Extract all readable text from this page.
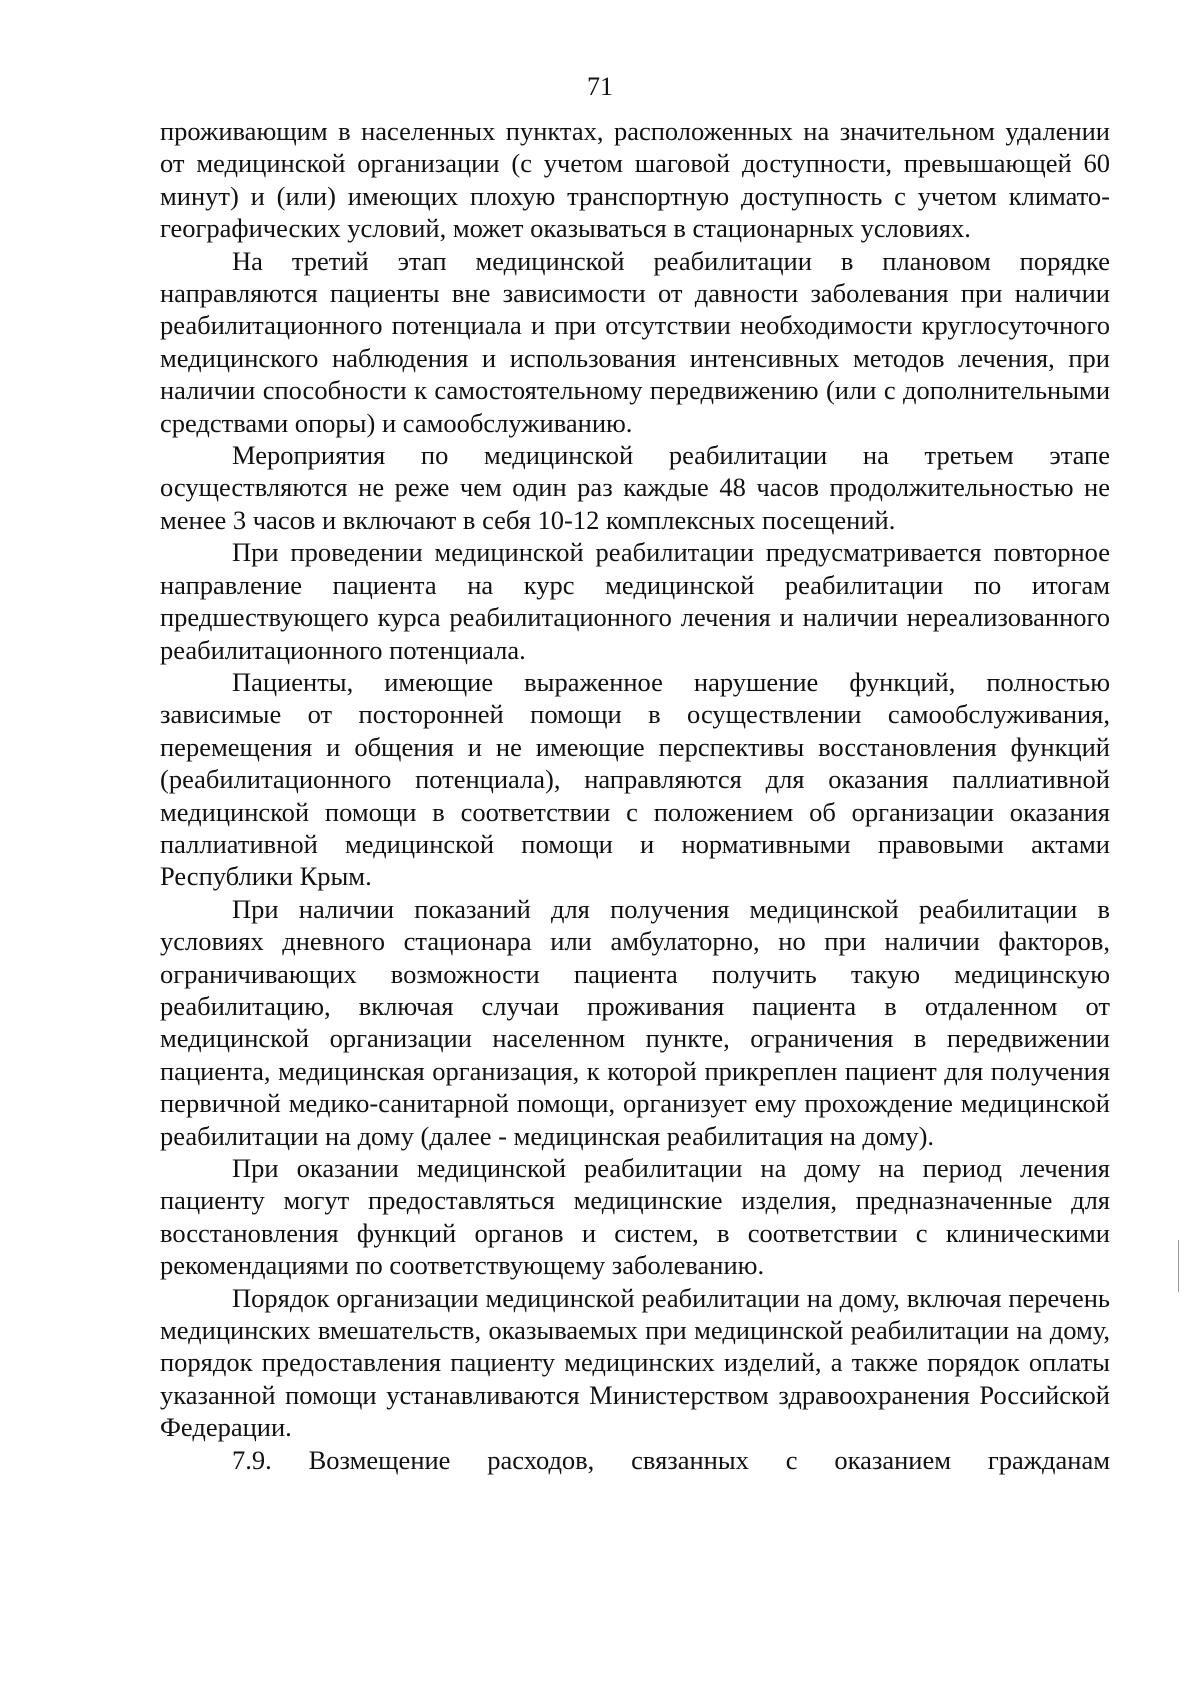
71

проживающим в населенных пунктах, расположенных на значительном удалении от медицинской организации (с учетом шаговой доступности, превышающей 60 минут) и (или) имеющих плохую транспортную доступность с учетом климато-географических условий, может оказываться в стационарных условиях.

На третий этап медицинской реабилитации в плановом порядке направляются пациенты вне зависимости от давности заболевания при наличии реабилитационного потенциала и при отсутствии необходимости круглосуточного медицинского наблюдения и использования интенсивных методов лечения, при наличии способности к самостоятельному передвижению (или с дополнительными средствами опоры) и самообслуживанию.

Мероприятия по медицинской реабилитации на третьем этапе осуществляются не реже чем один раз каждые 48 часов продолжительностью не менее 3 часов и включают в себя 10-12 комплексных посещений.

При проведении медицинской реабилитации предусматривается повторное направление пациента на курс медицинской реабилитации по итогам предшествующего курса реабилитационного лечения и наличии нереализованного реабилитационного потенциала.

Пациенты, имеющие выраженное нарушение функций, полностью зависимые от посторонней помощи в осуществлении самообслуживания, перемещения и общения и не имеющие перспективы восстановления функций (реабилитационного потенциала), направляются для оказания паллиативной медицинской помощи в соответствии с положением об организации оказания паллиативной медицинской помощи и нормативными правовыми актами Республики Крым.

При наличии показаний для получения медицинской реабилитации в условиях дневного стационара или амбулаторно, но при наличии факторов, ограничивающих возможности пациента получить такую медицинскую реабилитацию, включая случаи проживания пациента в отдаленном от медицинской организации населенном пункте, ограничения в передвижении пациента, медицинская организация, к которой прикреплен пациент для получения первичной медико-санитарной помощи, организует ему прохождение медицинской реабилитации на дому (далее - медицинская реабилитация на дому).

При оказании медицинской реабилитации на дому на период лечения пациенту могут предоставляться медицинские изделия, предназначенные для восстановления функций органов и систем, в соответствии с клиническими рекомендациями по соответствующему заболеванию.

Порядок организации медицинской реабилитации на дому, включая перечень медицинских вмешательств, оказываемых при медицинской реабилитации на дому, порядок предоставления пациенту медицинских изделий, а также порядок оплаты указанной помощи устанавливаются Министерством здравоохранения Российской Федерации.

7.9. Возмещение расходов, связанных с оказанием гражданам
